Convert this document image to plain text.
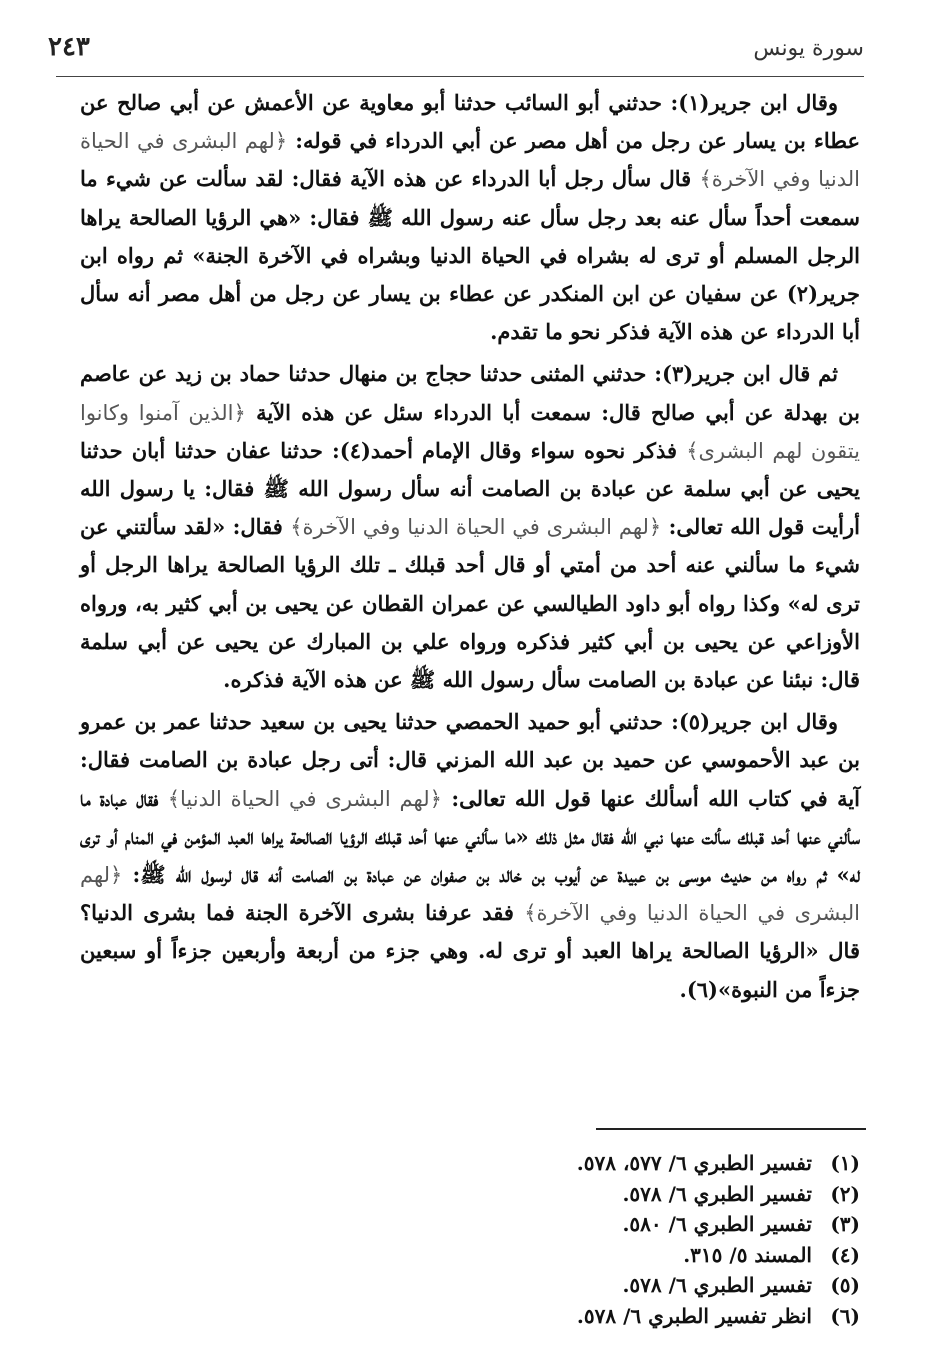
سورة يونس
٢٤٣

وقال ابن جرير(١): حدثني أبو السائب حدثنا أبو معاوية عن الأعمش عن أبي صالح عن عطاء بن يسار عن رجل من أهل مصر عن أبي الدرداء في قوله: ﴿لهم البشرى في الحياة الدنيا وفي الآخرة﴾ قال سأل رجل أبا الدرداء عن هذه الآية فقال: لقد سألت عن شيء ما سمعت أحداً سأل عنه بعد رجل سأل عنه رسول الله ﷺ فقال: «هي الرؤيا الصالحة يراها الرجل المسلم أو ترى له بشراه في الحياة الدنيا وبشراه في الآخرة الجنة» ثم رواه ابن جرير(٢) عن سفيان عن ابن المنكدر عن عطاء بن يسار عن رجل من أهل مصر أنه سأل أبا الدرداء عن هذه الآية فذكر نحو ما تقدم.

ثم قال ابن جرير(٣): حدثني المثنى حدثنا حجاج بن منهال حدثنا حماد بن زيد عن عاصم بن بهدلة عن أبي صالح قال: سمعت أبا الدرداء سئل عن هذه الآية ﴿الذين آمنوا وكانوا يتقون لهم البشرى﴾ فذكر نحوه سواء وقال الإمام أحمد(٤): حدثنا عفان حدثنا أبان حدثنا يحيى عن أبي سلمة عن عبادة بن الصامت أنه سأل رسول الله ﷺ فقال: يا رسول الله أرأيت قول الله تعالى: ﴿لهم البشرى في الحياة الدنيا وفي الآخرة﴾ فقال: «لقد سألتني عن شيء ما سألني عنه أحد من أمتي أو قال أحد قبلك ـ تلك الرؤيا الصالحة يراها الرجل أو ترى له» وكذا رواه أبو داود الطيالسي عن عمران القطان عن يحيى بن أبي كثير به، ورواه الأوزاعي عن يحيى بن أبي كثير فذكره ورواه علي بن المبارك عن يحيى عن أبي سلمة قال: نبئنا عن عبادة بن الصامت سأل رسول الله ﷺ عن هذه الآية فذكره.

وقال ابن جرير(٥): حدثني أبو حميد الحمصي حدثنا يحيى بن سعيد حدثنا عمر بن عمرو بن عبد الأحموسي عن حميد بن عبد الله المزني قال: أتى رجل عبادة بن الصامت فقال: آية في كتاب الله أسألك عنها قول الله تعالى: ﴿لهم البشرى في الحياة الدنيا﴾ فقال عبادة ما سألني عنها أحد قبلك سألت عنها نبي الله فقال مثل ذلك «ما سألني عنها أحد قبلك الرؤيا الصالحة يراها العبد المؤمن في المنام أو ترى له» ثم رواه من حديث موسى بن عبيدة عن أيوب بن خالد بن صفوان عن عبادة بن الصامت أنه قال لرسول الله ﷺ: ﴿لهم البشرى في الحياة الدنيا وفي الآخرة﴾ فقد عرفنا بشرى الآخرة الجنة فما بشرى الدنيا؟ قال «الرؤيا الصالحة يراها العبد أو ترى له. وهي جزء من أربعة وأربعين جزءاً أو سبعين جزءاً من النبوة»(٦).

(١)
تفسير الطبري ٦/ ٥٧٧، ٥٧٨.
(٢)
تفسير الطبري ٦/ ٥٧٨.
(٣)
تفسير الطبري ٦/ ٥٨٠.
(٤)
المسند ٥/ ٣١٥.
(٥)
تفسير الطبري ٦/ ٥٧٨.
(٦)
انظر تفسير الطبري ٦/ ٥٧٨.
